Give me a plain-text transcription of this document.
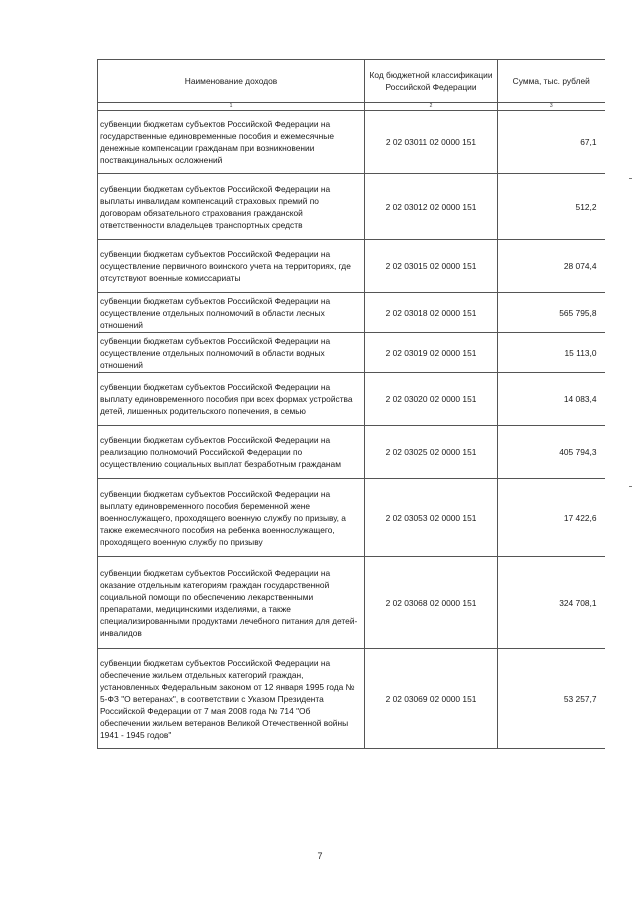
Наименование доходов	Код бюджетной классификации Российской Федерации	Сумма, тыс. рублей
1	2	3
субвенции бюджетам субъектов Российской Федерации на государственные единовременные пособия и ежемесячные денежные компенсации гражданам при возникновении поствакцинальных осложнений	2 02 03011 02 0000 151	67,1
субвенции бюджетам субъектов Российской Федерации на выплаты инвалидам компенсаций страховых премий по договорам обязательного страхования гражданской ответственности владельцев транспортных средств	2 02 03012 02 0000 151	512,2
субвенции бюджетам субъектов Российской Федерации на осуществление первичного воинского учета на территориях, где отсутствуют военные комиссариаты	2 02 03015 02 0000 151	28 074,4
субвенции бюджетам субъектов Российской Федерации на осуществление отдельных полномочий в области лесных отношений	2 02 03018 02 0000 151	565 795,8
субвенции бюджетам субъектов Российской Федерации на осуществление отдельных полномочий в области водных отношений	2 02 03019 02 0000 151	15 113,0
субвенции бюджетам субъектов Российской Федерации на выплату единовременного пособия при всех формах устройства детей, лишенных родительского попечения, в семью	2 02 03020 02 0000 151	14 083,4
субвенции бюджетам субъектов Российской Федерации на реализацию полномочий Российской Федерации по осуществлению социальных выплат безработным гражданам	2 02 03025 02 0000 151	405 794,3
субвенции бюджетам субъектов Российской Федерации на выплату единовременного пособия беременной жене военнослужащего, проходящего военную службу по призыву, а также ежемесячного пособия на ребенка военнослужащего, проходящего военную службу по призыву	2 02 03053 02 0000 151	17 422,6
субвенции бюджетам субъектов Российской Федерации на оказание отдельным категориям граждан государственной социальной помощи по обеспечению лекарственными препаратами, медицинскими изделиями, а также специализированными продуктами лечебного питания для детей-инвалидов	2 02 03068 02 0000 151	324 708,1
субвенции бюджетам субъектов Российской Федерации на обеспечение жильем отдельных категорий граждан, установленных Федеральным законом от 12 января 1995 года № 5-ФЗ "О ветеранах", в соответствии с Указом Президента Российской Федерации от 7 мая 2008 года № 714 "Об обеспечении жильем ветеранов Великой Отечественной войны 1941 - 1945 годов"	2 02 03069 02 0000 151	53 257,7
7
